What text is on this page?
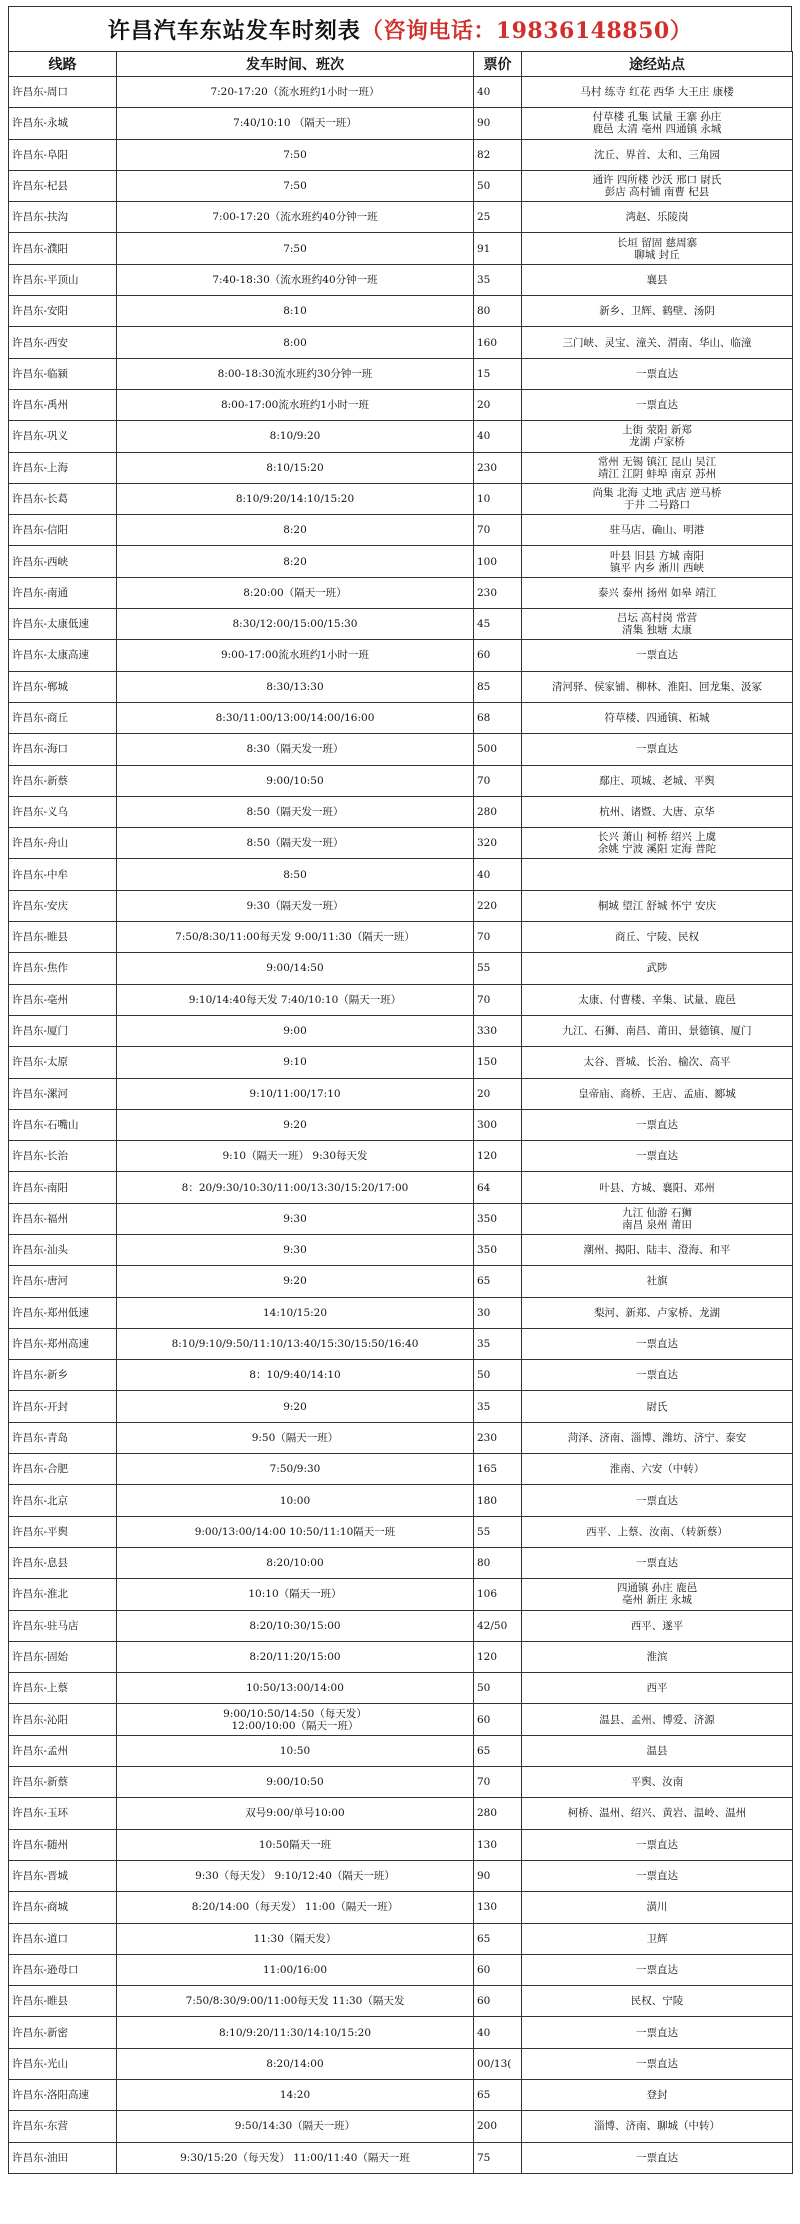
许昌汽车东站发车时刻表 （咨询电话：19836148850）
线路	发车时间、班次	票价	途经站点
许昌东-周口	7:20-17:20（流水班约1小时一班）	40	马村 练寺 红花 西华 大王庄 康楼
许昌东-永城	7:40/10:10 （隔天一班）	90	付草楼 孔集 试量 王寨 孙庄
鹿邑 太清 亳州 四通镇 永城
许昌东-阜阳	7:50	82	沈丘、界首、太和、三角园
许昌东-杞县	7:50	50	通许 四所楼 沙沃 邢口 尉氏
彭店 高村铺 南曹 杞县
许昌东-扶沟	7:00-17:20（流水班约40分钟一班	25	湾赵、乐陵岗
许昌东-濮阳	7:50	91	长垣 留固 慈周寨
聊城 封丘
许昌东-平顶山	7:40-18:30（流水班约40分钟一班	35	襄县
许昌东-安阳	8:10	80	新乡、卫辉、鹤壁、汤阴
许昌东-西安	8:00	160	三门峡、灵宝、潼关、渭南、华山、临潼
许昌东-临颍	8:00-18:30流水班约30分钟一班	15	一票直达
许昌东-禹州	8:00-17:00流水班约1小时一班	20	一票直达
许昌东-巩义	8:10/9:20	40	上街 荥阳 新郑
龙湖 卢家桥
许昌东-上海	8:10/15:20	230	常州 无锡 镇江 昆山 吴江
靖江 江阴 蚌埠 南京 苏州
许昌东-长葛	8:10/9:20/14:10/15:20	10	尚集 北海 丈地 武店 逆马桥
于井 二号路口
许昌东-信阳	8:20	70	驻马店、确山、明港
许昌东-西峡	8:20	100	叶县 旧县 方城 南阳
镇平 内乡 淅川 西峡
许昌东-南通	8:20:00（隔天一班）	230	泰兴 泰州 扬州 如皋 靖江
许昌东-太康低速	8:30/12:00/15:00/15:30	45	吕坛 高村岗 常营
清集 独塘 太康
许昌东-太康高速	9:00-17:00流水班约1小时一班	60	一票直达
许昌东-郸城	8:30/13:30	85	清河驿、侯家铺、柳林、淮阳、回龙集、汲冢
许昌东-商丘	8:30/11:00/13:00/14:00/16:00	68	符草楼、四通镇、柘城
许昌东-海口	8:30（隔天发一班）	500	一票直达
许昌东-新蔡	9:00/10:50	70	鄢庄、项城、老城、平舆
许昌东-义乌	8:50（隔天发一班）	280	杭州、诸暨、大唐、京华
许昌东-舟山	8:50（隔天发一班）	320	长兴 萧山 柯桥 绍兴 上虞
余姚 宁波 溪阳 定海 普陀
许昌东-中牟	8:50	40	
许昌东-安庆	9:30（隔天发一班）	220	桐城 望江 舒城 怀宁 安庆
许昌东-睢县	7:50/8:30/11:00每天发 9:00/11:30（隔天一班）	70	商丘、宁陵、民权
许昌东-焦作	9:00/14:50	55	武陟
许昌东-亳州	9:10/14:40每天发 7:40/10:10（隔天一班）	70	太康、付曹楼、辛集、试量、鹿邑
许昌东-厦门	9:00	330	九江、石狮、南昌、莆田、景德镇、厦门
许昌东-太原	9:10	150	太谷、晋城、长治、榆次、高平
许昌东-漯河	9:10/11:00/17:10	20	皇帝庙、商桥、王店、孟庙、郾城
许昌东-石嘴山	9:20	300	一票直达
许昌东-长治	9:10（隔天一班） 9:30每天发	120	一票直达
许昌东-南阳	8：20/9:30/10:30/11:00/13:30/15:20/17:00	64	叶县、方城、襄阳、邓州
许昌东-福州	9:30	350	九江 仙游 石狮
南昌 泉州 莆田
许昌东-汕头	9:30	350	潮州、揭阳、陆丰、澄海、和平
许昌东-唐河	9:20	65	社旗
许昌东-郑州低速	14:10/15:20	30	梨河、新郑、卢家桥、龙湖
许昌东-郑州高速	8:10/9:10/9:50/11:10/13:40/15:30/15:50/16:40	35	一票直达
许昌东-新乡	8：10/9:40/14:10	50	一票直达
许昌东-开封	9:20	35	尉氏
许昌东-青岛	9:50（隔天一班）	230	菏泽、济南、淄博、潍坊、济宁、泰安
许昌东-合肥	7:50/9:30	165	淮南、六安（中转）
许昌东-北京	10:00	180	一票直达
许昌东-平舆	9:00/13:00/14:00 10:50/11:10隔天一班	55	西平、上蔡、汝南、（转新蔡）
许昌东-息县	8:20/10:00	80	一票直达
许昌东-淮北	10:10（隔天一班）	106	四通镇 孙庄 鹿邑
亳州 新庄 永城
许昌东-驻马店	8:20/10:30/15:00	42/50	西平、遂平
许昌东-固始	8:20/11:20/15:00	120	淮滨
许昌东-上蔡	10:50/13:00/14:00	50	西平
许昌东-沁阳	9:00/10:50/14:50（每天发）
12:00/10:00（隔天一班）	60	温县、孟州、博爱、济源
许昌东-孟州	10:50	65	温县
许昌东-新蔡	9:00/10:50	70	平舆、汝南
许昌东-玉环	双号9:00/单号10:00	280	柯桥、温州、绍兴、黄岩、温岭、温州
许昌东-随州	10:50隔天一班	130	一票直达
许昌东-晋城	9:30（每天发） 9:10/12:40（隔天一班）	90	一票直达
许昌东-商城	8:20/14:00（每天发） 11:00（隔天一班）	130	潢川
许昌东-道口	11:30（隔天发）	65	卫辉
许昌东-逊母口	11:00/16:00	60	一票直达
许昌东-睢县	7:50/8:30/9:00/11:00每天发 11:30（隔天发	60	民权、宁陵
许昌东-新密	8:10/9:20/11:30/14:10/15:20	40	一票直达
许昌东-光山	8:20/14:00	00/13(	一票直达
许昌东-洛阳高速	14:20	65	登封
许昌东-东营	9:50/14:30（隔天一班）	200	淄博、济南、聊城（中转）
许昌东-油田	9:30/15:20（每天发） 11:00/11:40（隔天一班	75	一票直达
